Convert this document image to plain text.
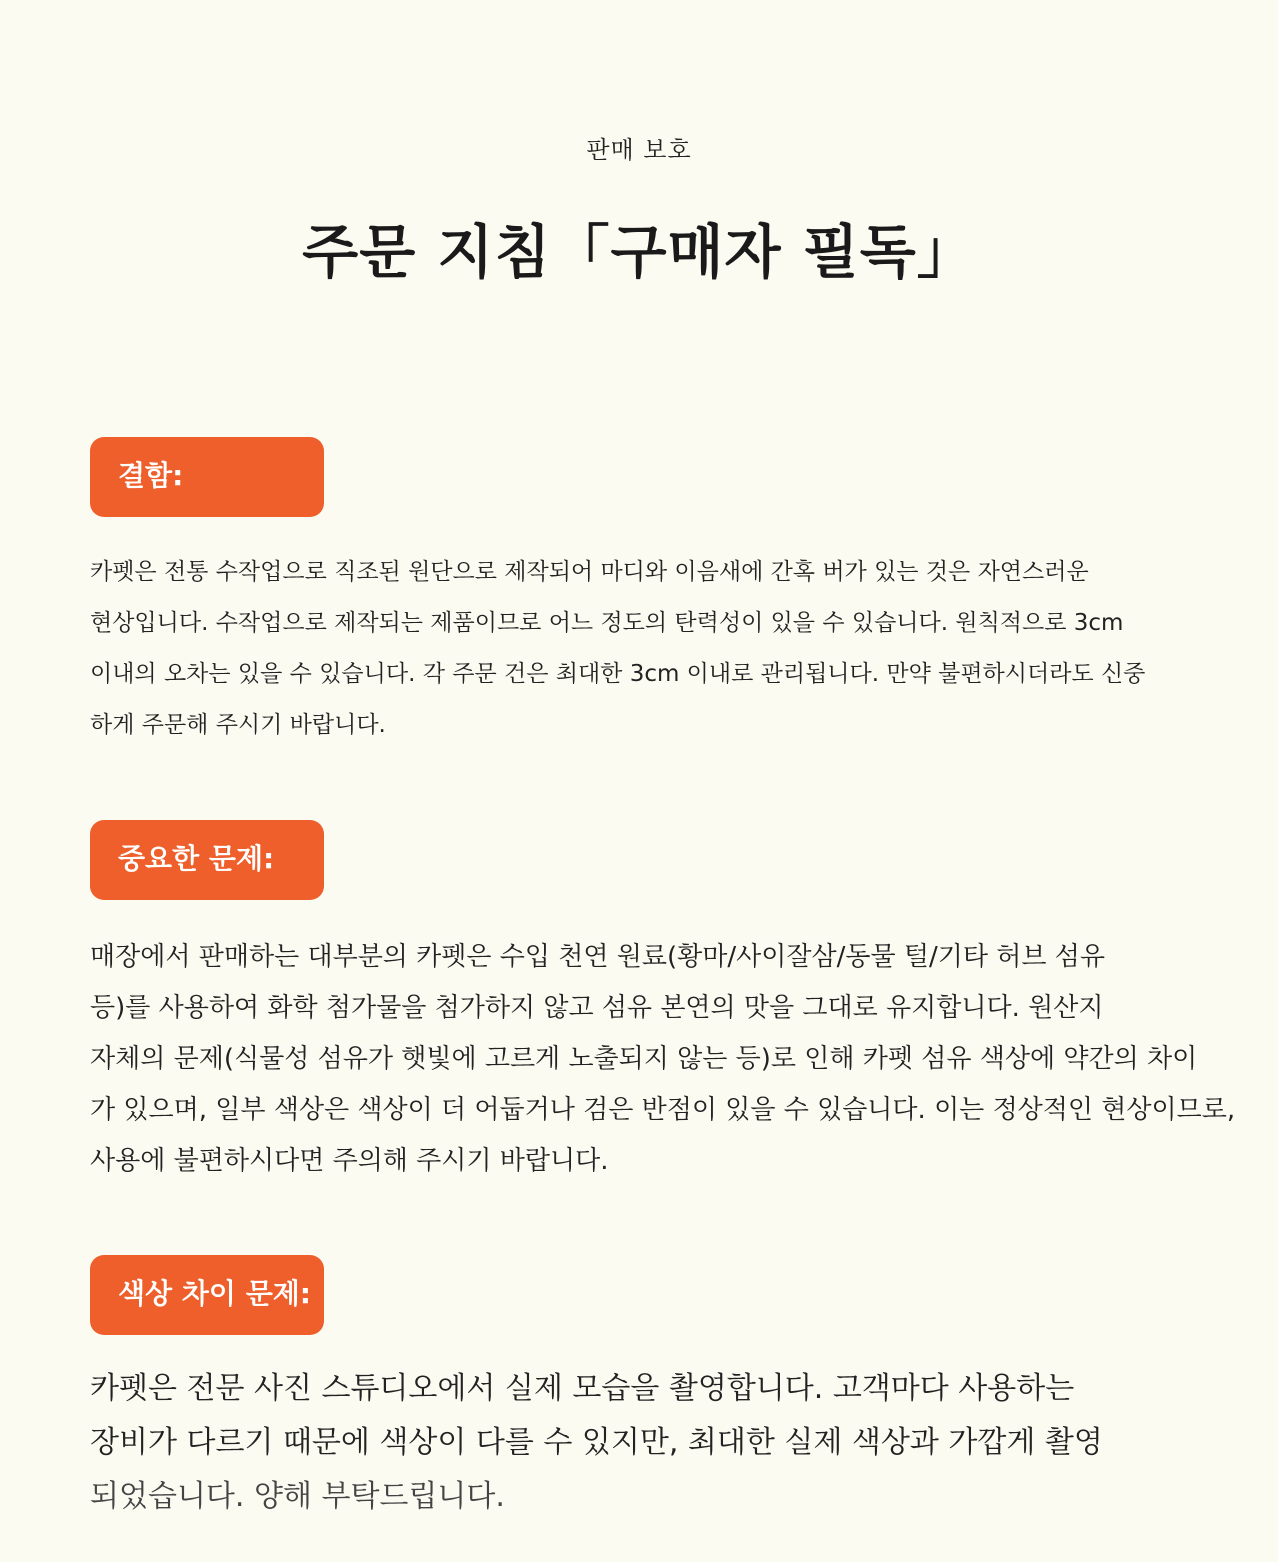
판매 보호
주문 지침「구매자 필독」
결함:
카펫은 전통 수작업으로 직조된 원단으로 제작되어 마디와 이음새에 간혹 버가 있는 것은 자연스러운
현상입니다. 수작업으로 제작되는 제품이므로 어느 정도의 탄력성이 있을 수 있습니다. 원칙적으로 3cm
이내의 오차는 있을 수 있습니다. 각 주문 건은 최대한 3cm 이내로 관리됩니다. 만약 불편하시더라도 신중
하게 주문해 주시기 바랍니다.
중요한 문제:
매장에서 판매하는 대부분의 카펫은 수입 천연 원료(황마/사이잘삼/동물 털/기타 허브 섬유
등)를 사용하여 화학 첨가물을 첨가하지 않고 섬유 본연의 맛을 그대로 유지합니다. 원산지
자체의 문제(식물성 섬유가 햇빛에 고르게 노출되지 않는 등)로 인해 카펫 섬유 색상에 약간의 차이
가 있으며, 일부 색상은 색상이 더 어둡거나 검은 반점이 있을 수 있습니다. 이는 정상적인 현상이므로,
사용에 불편하시다면 주의해 주시기 바랍니다.
색상 차이 문제:
카펫은 전문 사진 스튜디오에서 실제 모습을 촬영합니다. 고객마다 사용하는
장비가 다르기 때문에 색상이 다를 수 있지만, 최대한 실제 색상과 가깝게 촬영
되었습니다. 양해 부탁드립니다.
